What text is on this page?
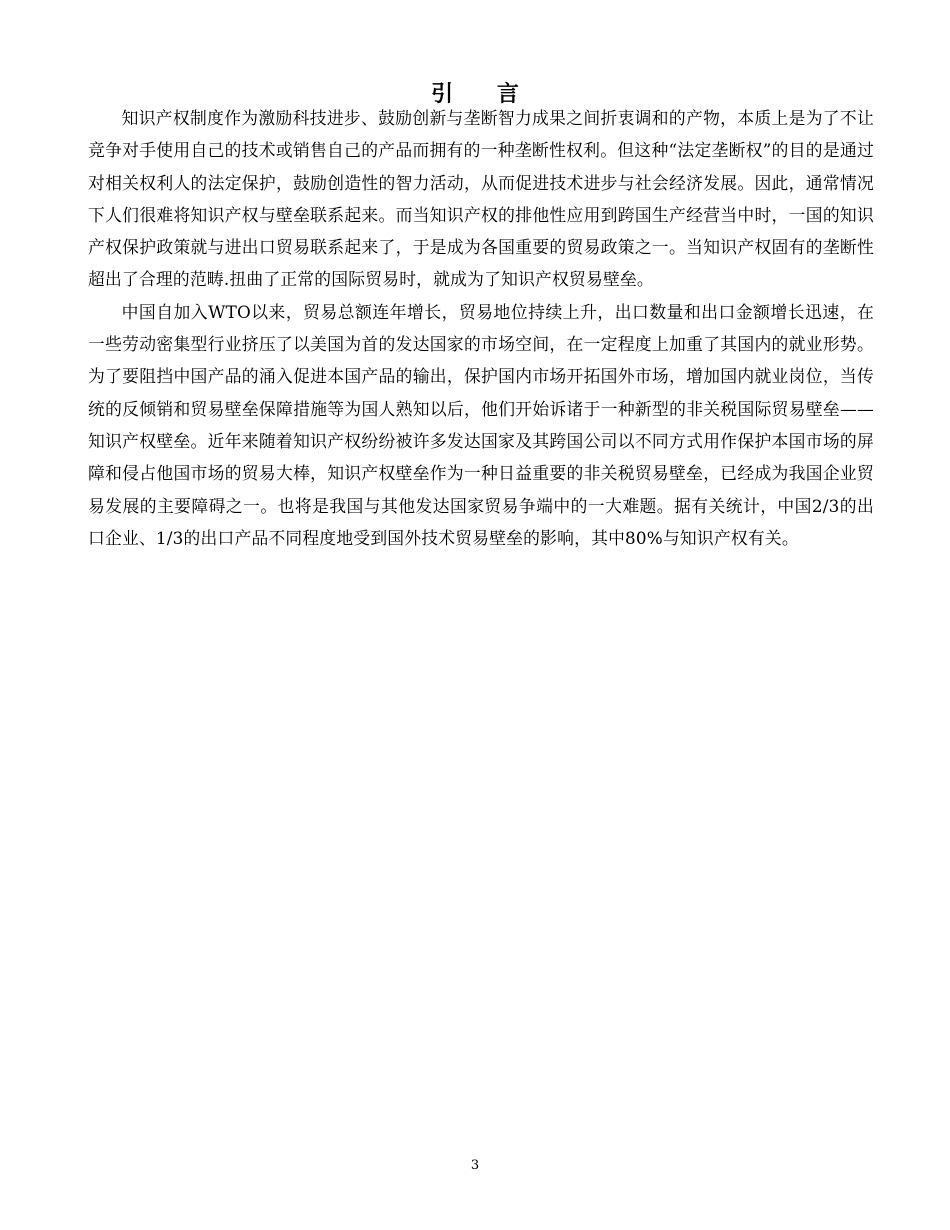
引 言

知识产权制度作为激励科技进步、鼓励创新与垄断智力成果之间折衷调和的产物，本质上是为了不让竞争对手使用自己的技术或销售自己的产品而拥有的一种垄断性权利。但这种“法定垄断权”的目的是通过对相关权利人的法定保护，鼓励创造性的智力活动，从而促进技术进步与社会经济发展。因此，通常情况下人们很难将知识产权与壁垒联系起来。而当知识产权的排他性应用到跨国生产经营当中时，一国的知识产权保护政策就与进出口贸易联系起来了，于是成为各国重要的贸易政策之一。当知识产权固有的垄断性超出了合理的范畴.扭曲了正常的国际贸易时，就成为了知识产权贸易壁垒。

中国自加入WTO以来，贸易总额连年增长，贸易地位持续上升，出口数量和出口金额增长迅速，在一些劳动密集型行业挤压了以美国为首的发达国家的市场空间，在一定程度上加重了其国内的就业形势。为了要阻挡中国产品的涌入促进本国产品的输出，保护国内市场开拓国外市场，增加国内就业岗位，当传统的反倾销和贸易壁垒保障措施等为国人熟知以后，他们开始诉诸于一种新型的非关税国际贸易壁垒——知识产权壁垒。近年来随着知识产权纷纷被许多发达国家及其跨国公司以不同方式用作保护本国市场的屏障和侵占他国市场的贸易大棒，知识产权壁垒作为一种日益重要的非关税贸易壁垒，已经成为我国企业贸易发展的主要障碍之一。也将是我国与其他发达国家贸易争端中的一大难题。据有关统计，中国2/3的出口企业、1/3的出口产品不同程度地受到国外技术贸易壁垒的影响，其中80%与知识产权有关。

3
